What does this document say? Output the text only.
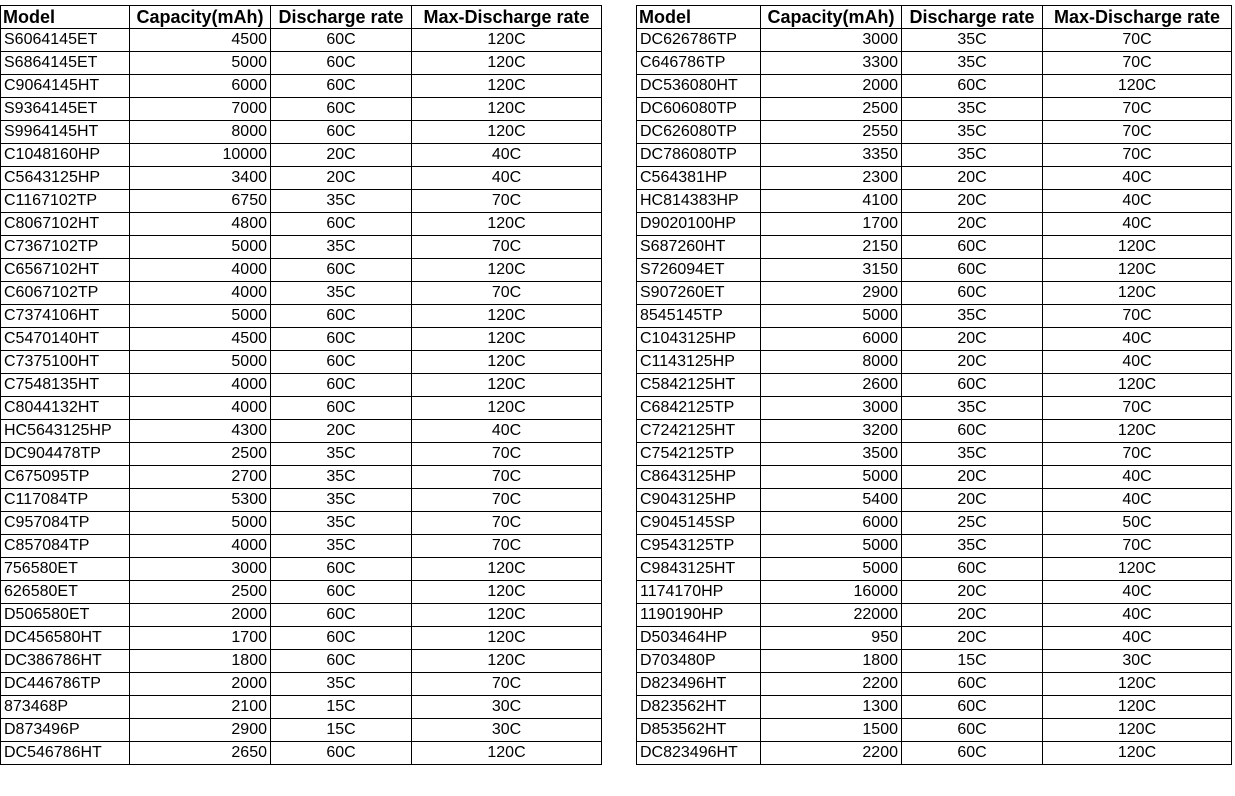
Model	Capacity(mAh)	Discharge rate	Max-Discharge rate
S6064145ET	4500	60C	120C
S6864145ET	5000	60C	120C
C9064145HT	6000	60C	120C
S9364145ET	7000	60C	120C
S9964145HT	8000	60C	120C
C1048160HP	10000	20C	40C
C5643125HP	3400	20C	40C
C1167102TP	6750	35C	70C
C8067102HT	4800	60C	120C
C7367102TP	5000	35C	70C
C6567102HT	4000	60C	120C
C6067102TP	4000	35C	70C
C7374106HT	5000	60C	120C
C5470140HT	4500	60C	120C
C7375100HT	5000	60C	120C
C7548135HT	4000	60C	120C
C8044132HT	4000	60C	120C
HC5643125HP	4300	20C	40C
DC904478TP	2500	35C	70C
C675095TP	2700	35C	70C
C117084TP	5300	35C	70C
C957084TP	5000	35C	70C
C857084TP	4000	35C	70C
756580ET	3000	60C	120C
626580ET	2500	60C	120C
D506580ET	2000	60C	120C
DC456580HT	1700	60C	120C
DC386786HT	1800	60C	120C
DC446786TP	2000	35C	70C
873468P	2100	15C	30C
D873496P	2900	15C	30C
DC546786HT	2650	60C	120C
Model	Capacity(mAh)	Discharge rate	Max-Discharge rate
DC626786TP	3000	35C	70C
C646786TP	3300	35C	70C
DC536080HT	2000	60C	120C
DC606080TP	2500	35C	70C
DC626080TP	2550	35C	70C
DC786080TP	3350	35C	70C
C564381HP	2300	20C	40C
HC814383HP	4100	20C	40C
D9020100HP	1700	20C	40C
S687260HT	2150	60C	120C
S726094ET	3150	60C	120C
S907260ET	2900	60C	120C
8545145TP	5000	35C	70C
C1043125HP	6000	20C	40C
C1143125HP	8000	20C	40C
C5842125HT	2600	60C	120C
C6842125TP	3000	35C	70C
C7242125HT	3200	60C	120C
C7542125TP	3500	35C	70C
C8643125HP	5000	20C	40C
C9043125HP	5400	20C	40C
C9045145SP	6000	25C	50C
C9543125TP	5000	35C	70C
C9843125HT	5000	60C	120C
1174170HP	16000	20C	40C
1190190HP	22000	20C	40C
D503464HP	950	20C	40C
D703480P	1800	15C	30C
D823496HT	2200	60C	120C
D823562HT	1300	60C	120C
D853562HT	1500	60C	120C
DC823496HT	2200	60C	120C
